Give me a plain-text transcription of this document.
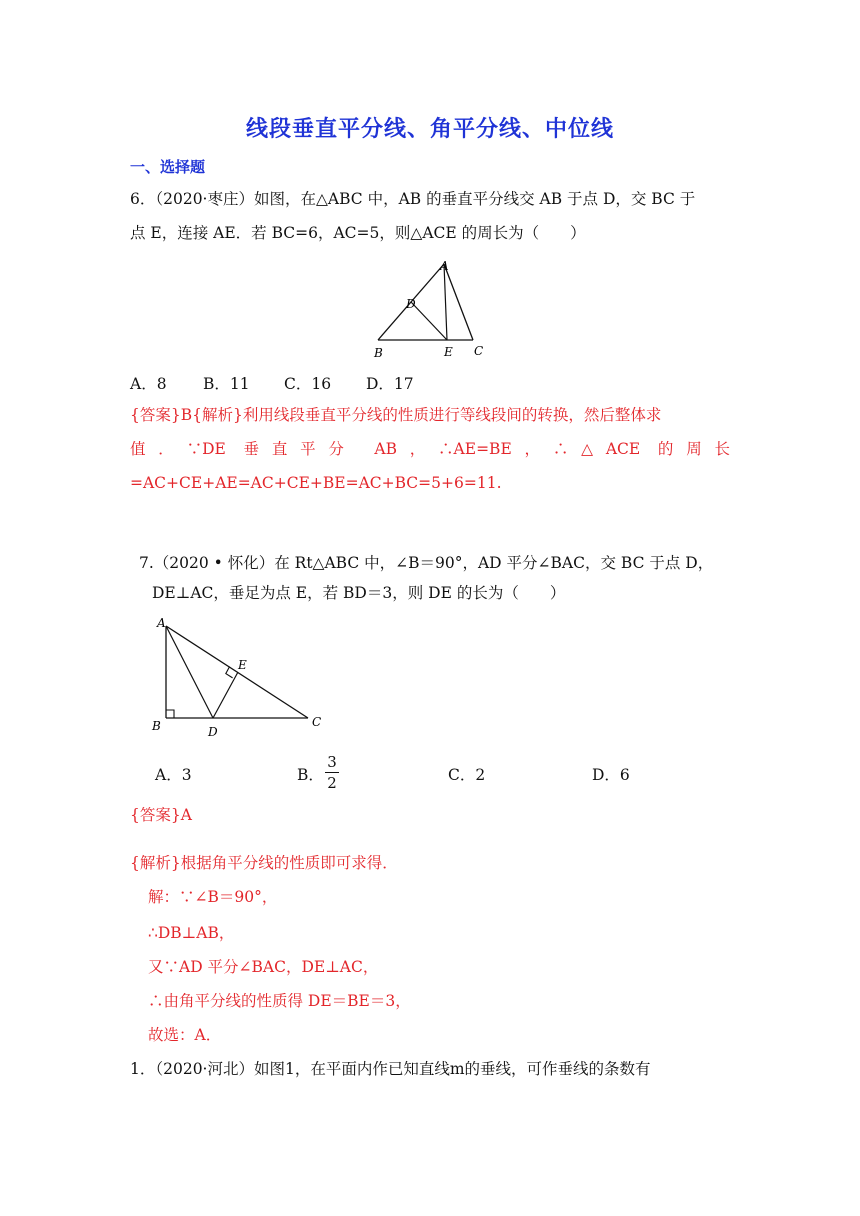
线段垂直平分线、角平分线、中位线
一、选择题
6．（2020·枣庄）如图，在△ABC 中，AB 的垂直平分线交 AB 于点 D，交 BC 于
点 E，连接 AE．若 BC=6，AC=5，则△ACE 的周长为（　　）
A
D
B	E C
A．8 B．11 C．16 D．17
{答案}B{解析}利用线段垂直平分线的性质进行等线段间的转换，然后整体求
值．∵DE 垂直平分 AB，∴AE=BE，∴△ACE 的周长
=AC+CE+AE=AC+CE+BE=AC+BC=5+6=11.
7.（2020 • 怀化）在 Rt△ABC 中，∠B＝90°，AD 平分∠BAC，交 BC 于点 D，
DE⊥AC，垂足为点 E，若 BD＝3，则 DE 的长为（　　）
A
E
B	D
C
A．3	B．
3
2	C．2	D．6
{答案}A
{解析}根据角平分线的性质即可求得．
解：∵∠B＝90°，
∴DB⊥AB，
又∵AD 平分∠BAC，DE⊥AC，
∴由角平分线的性质得 DE＝BE＝3，
故选：A．
1．（2020·河北）如图1，在平面内作已知直线m的垂线，可作垂线的条数有
